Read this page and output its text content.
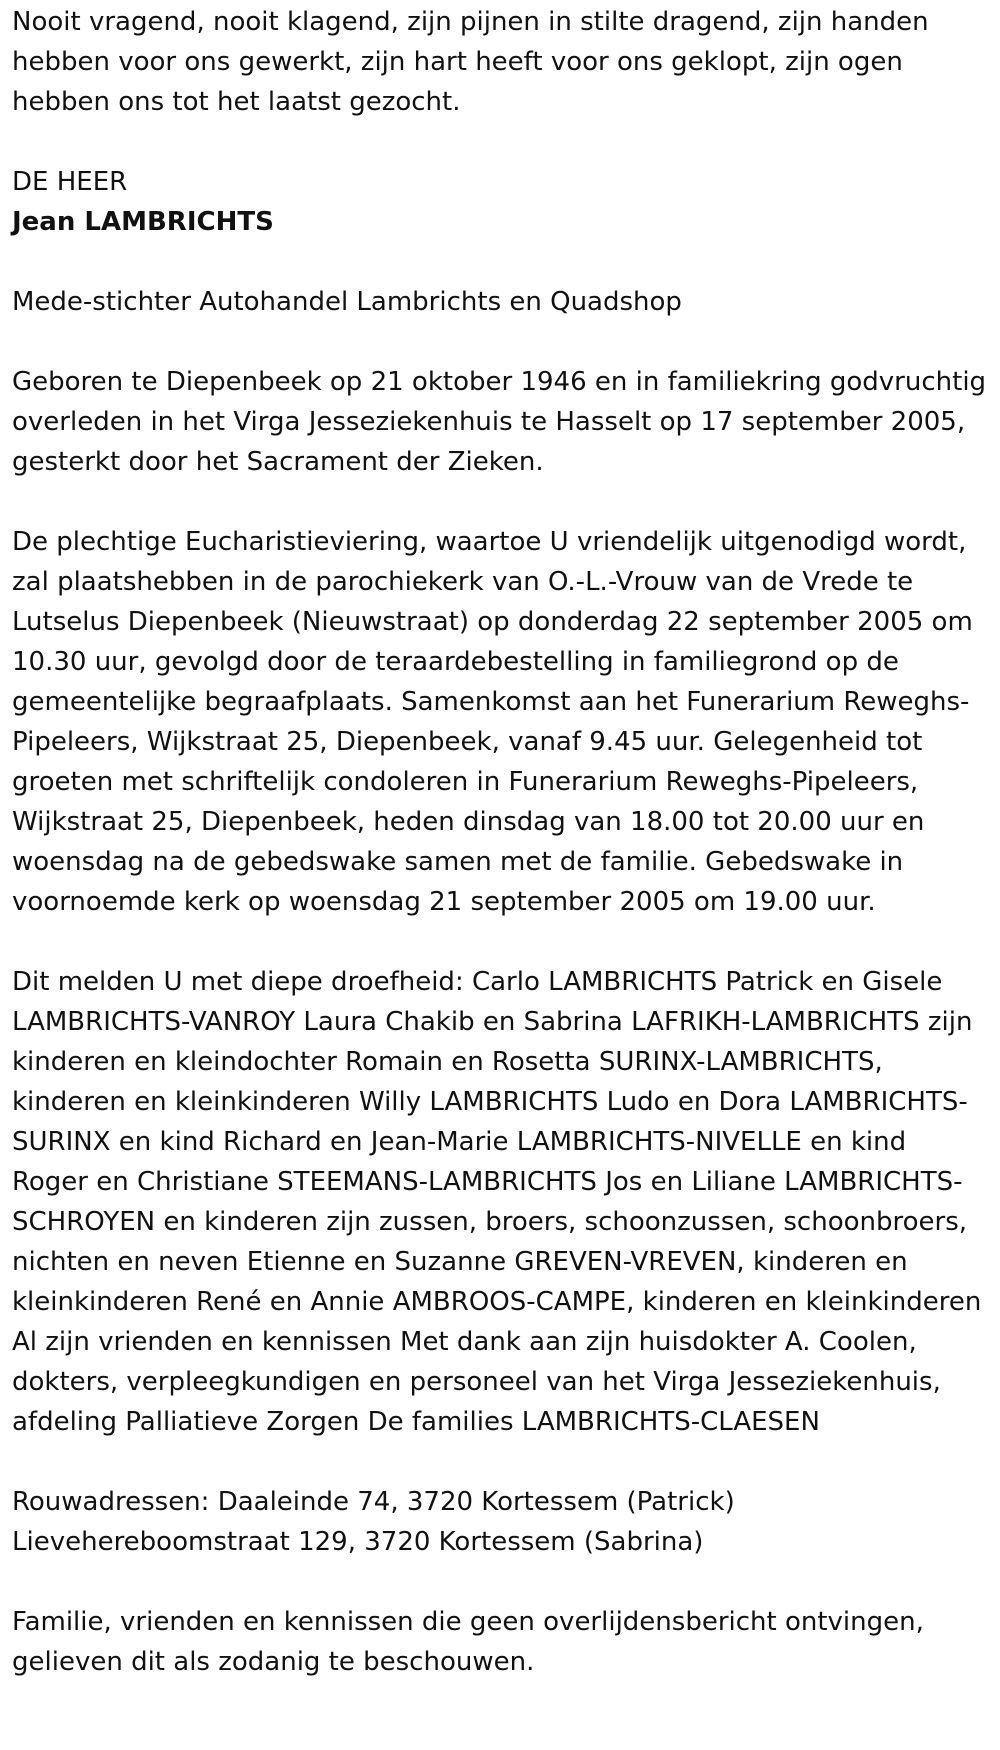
Nooit vragend, nooit klagend, zijn pijnen in stilte dragend, zijn handen hebben voor ons gewerkt, zijn hart heeft voor ons geklopt, zijn ogen hebben ons tot het laatst gezocht.

DE HEER

Jean LAMBRICHTS

Mede-stichter Autohandel Lambrichts en Quadshop

Geboren te Diepenbeek op 21 oktober 1946 en in familiekring godvruchtig overleden in het Virga Jesseziekenhuis te Hasselt op 17 september 2005, gesterkt door het Sacrament der Zieken.

De plechtige Eucharistieviering, waartoe U vriendelijk uitgenodigd wordt, zal plaatshebben in de parochiekerk van O.-L.-Vrouw van de Vrede te Lutselus Diepenbeek (Nieuwstraat) op donderdag 22 september 2005 om 10.30 uur, gevolgd door de teraardebestelling in familiegrond op de gemeentelijke begraafplaats. Samenkomst aan het Funerarium Reweghs-Pipeleers, Wijkstraat 25, Diepenbeek, vanaf 9.45 uur. Gelegenheid tot groeten met schriftelijk condoleren in Funerarium Reweghs-Pipeleers, Wijkstraat 25, Diepenbeek, heden dinsdag van 18.00 tot 20.00 uur en woensdag na de gebedswake samen met de familie. Gebedswake in voornoemde kerk op woensdag 21 september 2005 om 19.00 uur.

Dit melden U met diepe droefheid: Carlo LAMBRICHTS Patrick en Gisele LAMBRICHTS-VANROY Laura Chakib en Sabrina LAFRIKH-LAMBRICHTS zijn kinderen en kleindochter Romain en Rosetta SURINX-LAMBRICHTS, kinderen en kleinkinderen Willy LAMBRICHTS Ludo en Dora LAMBRICHTS-SURINX en kind Richard en Jean-Marie LAMBRICHTS-NIVELLE en kind Roger en Christiane STEEMANS-LAMBRICHTS Jos en Liliane LAMBRICHTS-SCHROYEN en kinderen zijn zussen, broers, schoonzussen, schoonbroers, nichten en neven Etienne en Suzanne GREVEN-VREVEN, kinderen en kleinkinderen René en Annie AMBROOS-CAMPE, kinderen en kleinkinderen Al zijn vrienden en kennissen Met dank aan zijn huisdokter A. Coolen, dokters, verpleegkundigen en personeel van het Virga Jesseziekenhuis, afdeling Palliatieve Zorgen De families LAMBRICHTS-CLAESEN

Rouwadressen: Daaleinde 74, 3720 Kortessem (Patrick)
Lievehereboomstraat 129, 3720 Kortessem (Sabrina)

Familie, vrienden en kennissen die geen overlijdensbericht ontvingen, gelieven dit als zodanig te beschouwen.
